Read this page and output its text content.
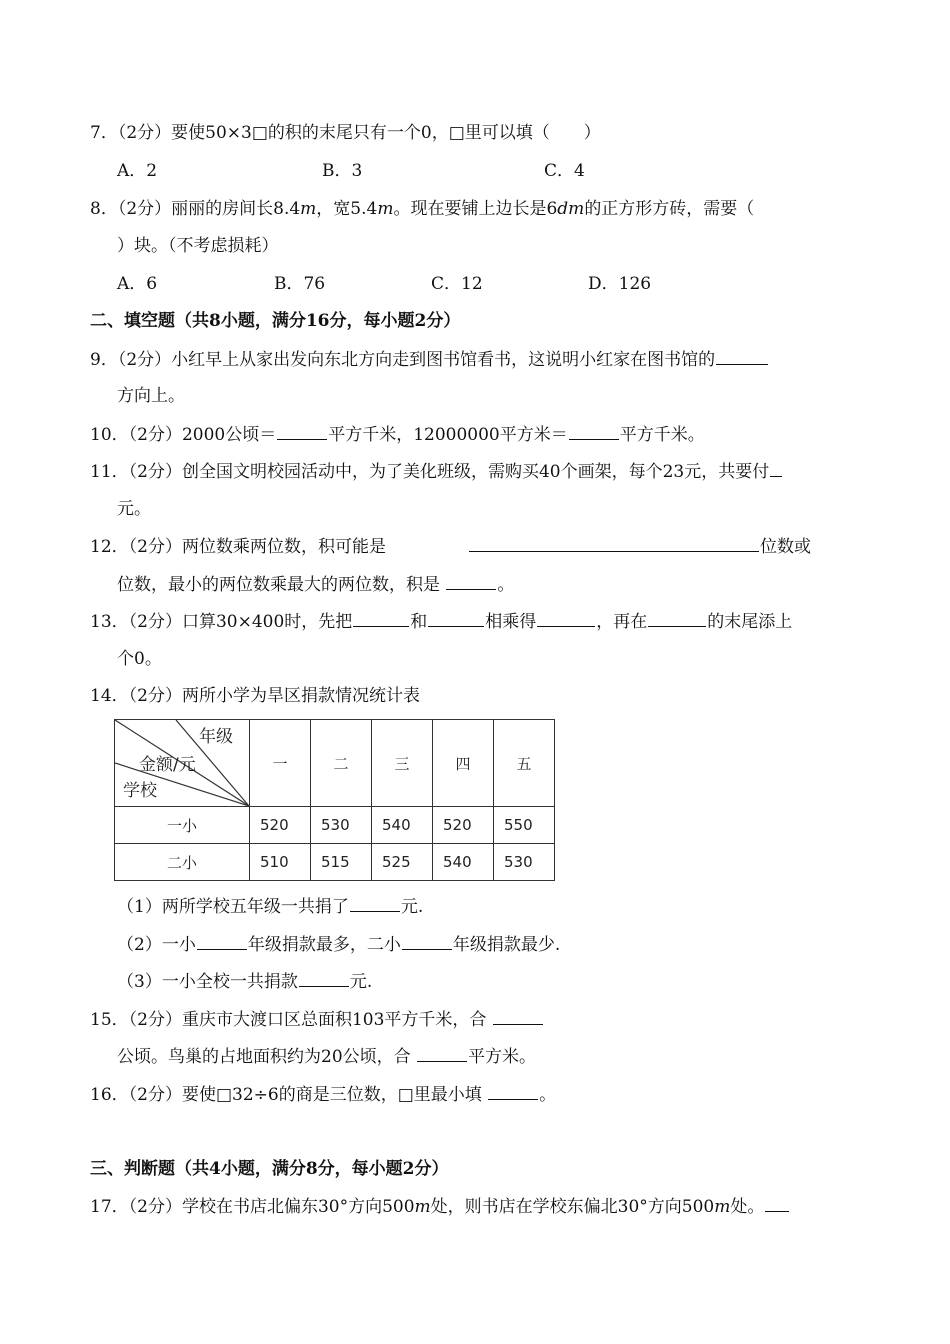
7．（2分）要使50×3□的积的末尾只有一个0，□里可以填（　　）
A．2	B．3	C．4
8．（2分）丽丽的房间长8.4m，宽5.4m。现在要铺上边长是6dm的正方形方砖，需要（
）块。（不考虑损耗）
A．6	B．76	C．12	D．126
二、填空题（共8小题，满分16分，每小题2分）
9．（2分）小红早上从家出发向东北方向走到图书馆看书，这说明小红家在图书馆的
方向上。
10．（2分）2000公顷＝	平方千米，12000000平方米＝	平方千米。
11．（2分）创全国文明校园活动中，为了美化班级，需购买40个画架，每个23元，共要付
元。
12．（2分）两位数乘两位数，积可能是	位数或
位数，最小的两位数乘最大的两位数，积是	。
13．（2分）口算30×400时，先把	和	相乘得	，再在	的末尾添上
个0。
14．（2分）两所小学为旱区捐款情况统计表
年级
金额/元
学校	一	二	三	四	五
一小	520	530	540	520	550
二小	510	515	525	540	530
（1）两所学校五年级一共捐了	元.
（2）一小	年级捐款最多，二小	年级捐款最少.
（3）一小全校一共捐款	元.
15．（2分）重庆市大渡口区总面积103平方千米，合
公顷。鸟巢的占地面积约为20公顷，合	平方米。
16．（2分）要使□32÷6的商是三位数，□里最小填	。
三、判断题（共4小题，满分8分，每小题2分）
17．（2分）学校在书店北偏东30°方向500m处，则书店在学校东偏北30°方向500m处。
